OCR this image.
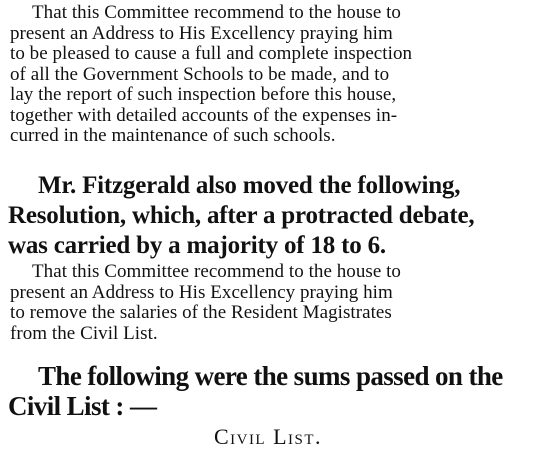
That this Committee recommend to the house to
present an Address to His Excellency praying him
to be pleased to cause a full and complete inspection
of all the Government Schools to be made, and to
lay the report of such inspection before this house,
together with detailed accounts of the expenses in-
curred in the maintenance of such schools.
Mr. Fitzgerald also moved the following,
Resolution, which, after a protracted debate,
was carried by a majority of 18 to 6.
That this Committee recommend to the house to
present an Address to His Excellency praying him
to remove the salaries of the Resident Magistrates
from the Civil List.
The following were the sums passed on the
Civil List : —
Civil List.
